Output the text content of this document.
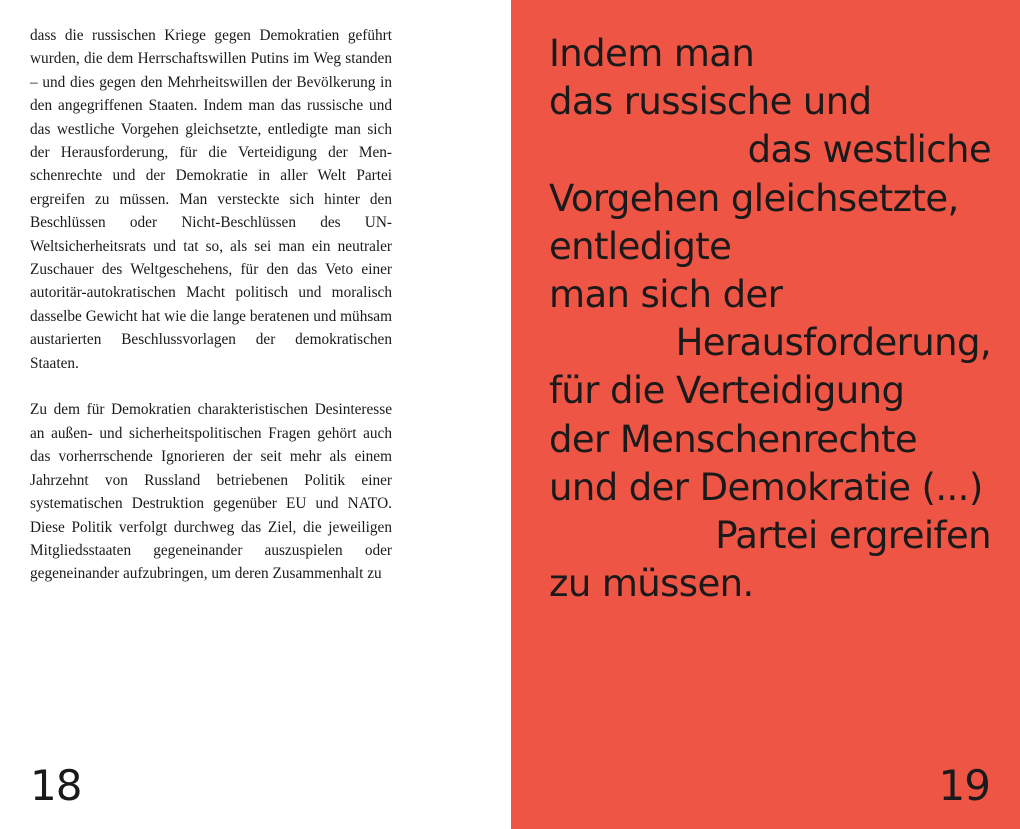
dass die russischen Kriege gegen Demokratien geführt wurden, die dem Herrschaftswillen Putins im Weg standen – und dies gegen den Mehrheitswillen der Bevölkerung in den angegriffenen Staaten. Indem man das russische und das westliche Vorgehen gleichsetzte, entledigte man sich der Herausforderung, für die Verteidigung der Menschenrechte und der Demokratie in aller Welt Partei ergreifen zu müssen. Man versteckte sich hinter den Beschlüssen oder Nicht-Beschlüssen des UN-Weltsicherheitsrats und tat so, als sei man ein neutraler Zuschauer des Weltgeschehens, für den das Veto einer autoritär-autokratischen Macht politisch und moralisch dasselbe Gewicht hat wie die lange beratenen und mühsam austarierten Beschlussvorlagen der demokratischen Staaten.

Zu dem für Demokratien charakteristischen Desinteresse an außen- und sicherheitspolitischen Fragen gehört auch das vorherrschende Ignorieren der seit mehr als einem Jahrzehnt von Russland betriebenen Politik einer systematischen Destruktion gegenüber EU und NATO. Diese Politik verfolgt durchweg das Ziel, die jeweiligen Mitgliedsstaaten gegeneinander auszuspielen oder gegeneinander aufzubringen, um deren Zusammenhalt zu

18
Indem man
das russische und
das westliche
Vorgehen gleichsetzte,
entledigte
man sich der
Herausforderung,
für die Verteidigung
der Menschenrechte
und der Demokratie (...)
Partei ergreifen
zu müssen.
19
